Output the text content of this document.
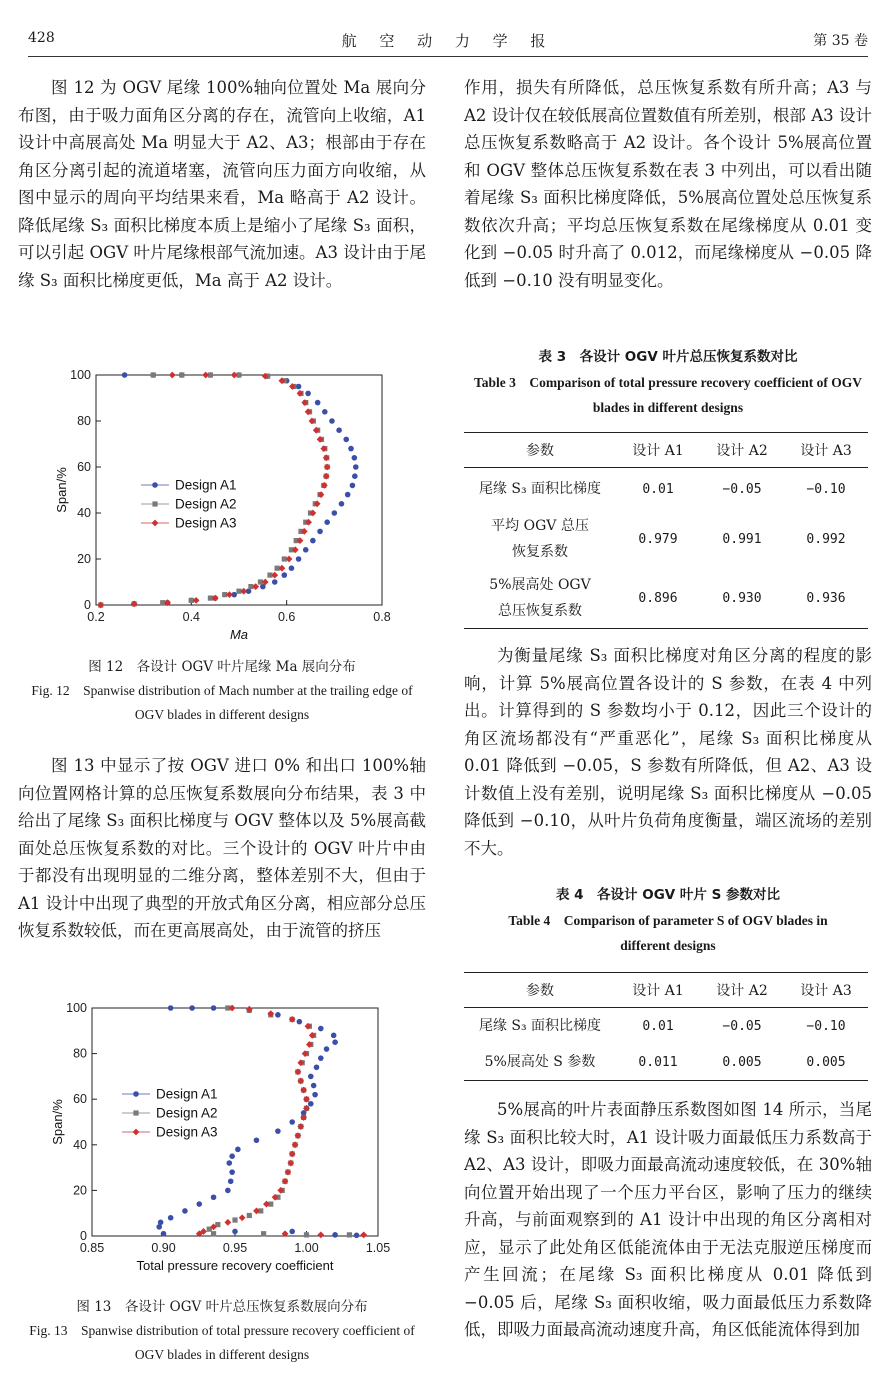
428	航 空 动 力 学 报	第 35 卷

图 12 为 OGV 尾缘 100%轴向位置处 Ma 展向分布图，由于吸力面角区分离的存在，流管向上收缩，A1 设计中高展高处 Ma 明显大于 A2、A3；根部由于存在角区分离引起的流道堵塞，流管向压力面方向收缩，从图中显示的周向平均结果来看，Ma 略高于 A2 设计。降低尾缘 S₃ 面积比梯度本质上是缩小了尾缘 S₃ 面积，可以引起 OGV 叶片尾缘根部气流加速。A3 设计由于尾缘 S₃ 面积比梯度更低，Ma 高于 A2 设计。

0.2	0.4	0.6	0.8
0
20
40
60
80
100
Ma
Span/%	Design A1
Design A2
Design A3
图 12　各设计 OGV 叶片尾缘 Ma 展向分布
Fig. 12　Spanwise distribution of Mach number at the trailing edge of OGV blades in different designs

图 13 中显示了按 OGV 进口 0% 和出口 100%轴向位置网格计算的总压恢复系数展向分布结果，表 3 中给出了尾缘 S₃ 面积比梯度与 OGV 整体以及 5%展高截面处总压恢复系数的对比。三个设计的 OGV 叶片中由于都没有出现明显的二维分离，整体差别不大，但由于 A1 设计中出现了典型的开放式角区分离，相应部分总压恢复系数较低，而在更高展高处，由于流管的挤压

0.85	0.90	0.95	1.00	1.05
0
20
40
60
80
100
Total pressure recovery coefficient
Span/%
Design A1
Design A2
Design A3
图 13　各设计 OGV 叶片总压恢复系数展向分布
Fig. 13　Spanwise distribution of total pressure recovery coefficient of OGV blades in different designs

作用，损失有所降低，总压恢复系数有所升高；A3 与 A2 设计仅在较低展高位置数值有所差别，根部 A3 设计总压恢复系数略高于 A2 设计。各个设计 5%展高位置和 OGV 整体总压恢复系数在表 3 中列出，可以看出随着尾缘 S₃ 面积比梯度降低，5%展高位置处总压恢复系数依次升高；平均总压恢复系数在尾缘梯度从 0.01 变化到 −0.05 时升高了 0.012，而尾缘梯度从 −0.05 降低到 −0.10 没有明显变化。

表 3　各设计 OGV 叶片总压恢复系数对比
Table 3　Comparison of total pressure recovery coefficient of OGV blades in different designs
参数	设计 A1	设计 A2	设计 A3
尾缘 S₃ 面积比梯度	0.01	−0.05	−0.10
平均 OGV 总压恢复系数	0.979	0.991	0.992
5%展高处 OGV 总压恢复系数	0.896	0.930	0.936

为衡量尾缘 S₃ 面积比梯度对角区分离的程度的影响，计算 5%展高位置各设计的 S 参数，在表 4 中列出。计算得到的 S 参数均小于 0.12，因此三个设计的角区流场都没有“严重恶化”，尾缘 S₃ 面积比梯度从 0.01 降低到 −0.05，S 参数有所降低，但 A2、A3 设计数值上没有差别，说明尾缘 S₃ 面积比梯度从 −0.05 降低到 −0.10，从叶片负荷角度衡量，端区流场的差别不大。

表 4　各设计 OGV 叶片 S 参数对比
Table 4　Comparison of parameter S of OGV blades in different designs
参数	设计 A1	设计 A2	设计 A3
尾缘 S₃ 面积比梯度	0.01	−0.05	−0.10
5%展高处 S 参数	0.011	0.005	0.005

5%展高的叶片表面静压系数图如图 14 所示，当尾缘 S₃ 面积比较大时，A1 设计吸力面最低压力系数高于 A2、A3 设计，即吸力面最高流动速度较低，在 30%轴向位置开始出现了一个压力平台区，影响了压力的继续升高，与前面观察到的 A1 设计中出现的角区分离相对应，显示了此处角区低能流体由于无法克服逆压梯度而产生回流；在尾缘 S₃ 面积比梯度从 0.01 降低到 −0.05 后，尾缘 S₃ 面积收缩，吸力面最低压力系数降低，即吸力面最高流动速度升高，角区低能流体得到加
